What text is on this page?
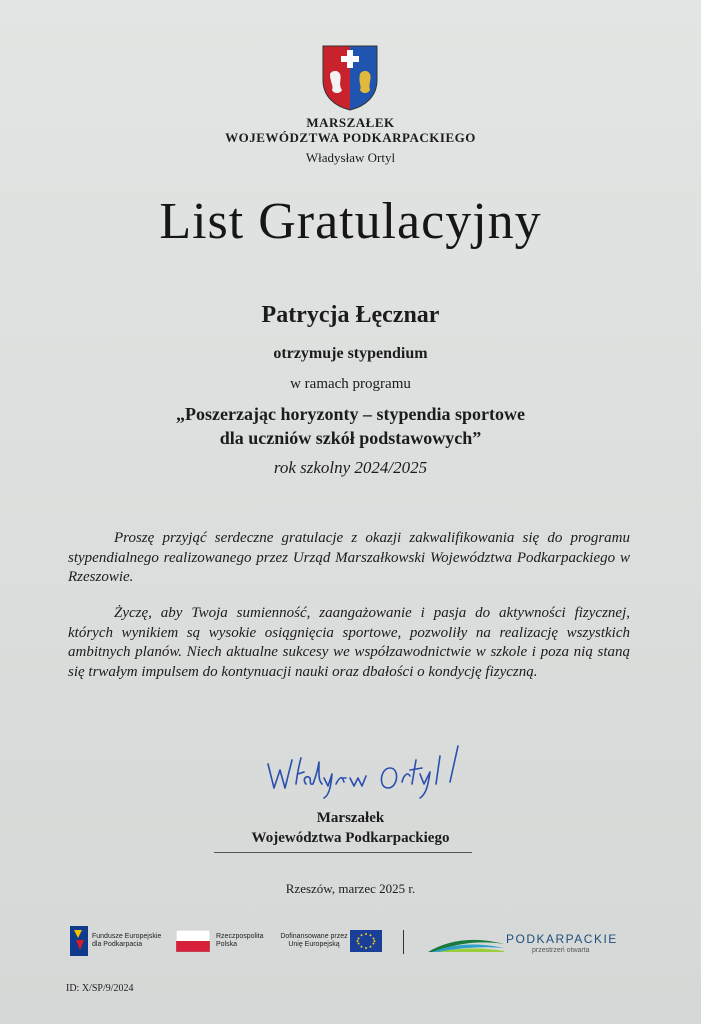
MARSZAŁEK
WOJEWÓDZTWA PODKARPACKIEGO
Władysław Ortyl
List Gratulacyjny
Patrycja Łęcznar
otrzymuje stypendium
w ramach programu
„Poszerzając horyzonty – stypendia sportowe
dla uczniów szkół podstawowych”
rok szkolny 2024/2025

Proszę przyjąć serdeczne gratulacje z okazji zakwalifikowania się do programu stypendialnego realizowanego przez Urząd Marszałkowski Województwa Podkarpackiego w Rzeszowie.

Życzę, aby Twoja sumienność, zaangażowanie i pasja do aktywności fizycznej, których wynikiem są wysokie osiągnięcia sportowe, pozwoliły na realizację wszystkich ambitnych planów. Niech aktualne sukcesy we współzawodnictwie w szkole i poza nią staną się trwałym impulsem do kontynuacji nauki oraz dbałości o kondycję fizyczną.

Marszałek
Województwa Podkarpackiego
Rzeszów, marzec 2025 r.
Fundusze Europejskie dla Podkarpacia
Rzeczpospolita Polska
Dofinansowane przez Unię Europejską	PODKARPACKIE
przestrzeń otwarta
ID: X/SP/9/2024
